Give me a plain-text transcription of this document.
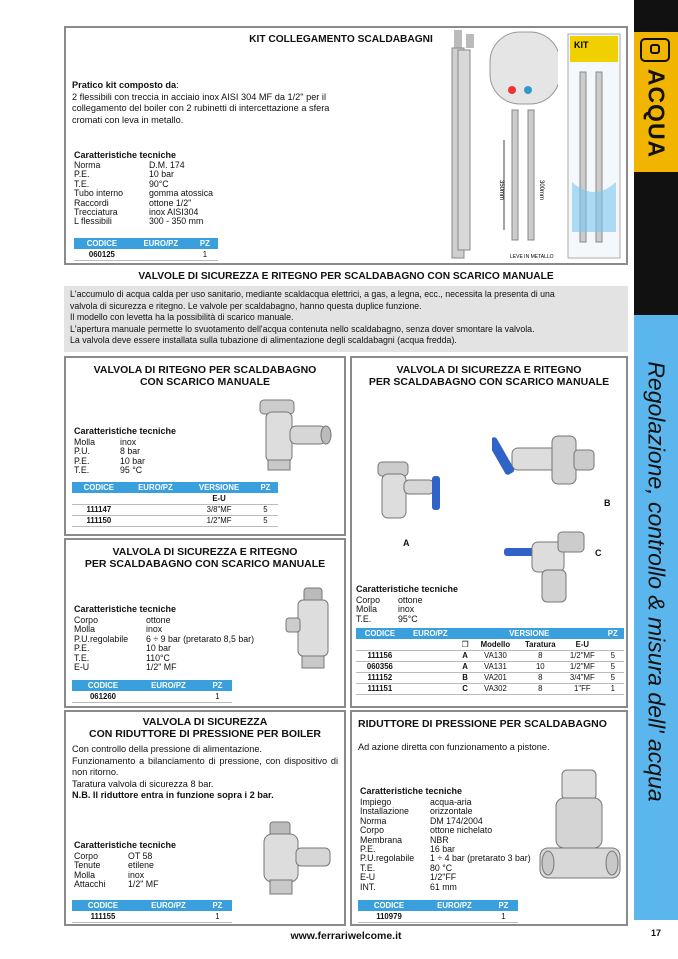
ACQUA
Regolazione, controllo & misura dell' acqua
17
KIT COLLEGAMENTO SCALDABAGNI
Pratico kit composto da:
2 flessibili con treccia in acciaio inox AISI 304 MF da 1/2" per il collegamento del boiler con 2 rubinetti di intercettazione a sfera cromati con leva in metallo.
Caratteristiche tecniche
Norma	D.M. 174
P.E.	10 bar
T.E.	90°C
Tubo interno	gomma atossica
Raccordi	ottone 1/2"
Trecciatura	inox AISI304
L flessibili	300 - 350 mm
CODICE	EURO/PZ	PZ
060125		1
350mm	300mm
LEVE IN METALLO
KIT
VALVOLE DI SICUREZZA E RITEGNO PER SCALDABAGNO CON SCARICO MANUALE
L'accumulo di acqua calda per uso sanitario, mediante scaldacqua elettrici, a gas, a legna, ecc., necessita la presenta di una
valvola di sicurezza e ritegno. Le valvole per scaldabagno, hanno questa duplice funzione.
Il modello con levetta ha la possibilità di scarico manuale.
L'apertura manuale permette lo svuotamento dell'acqua contenuta nello scaldabagno, senza dover smontare la valvola.
La valvola deve essere installata sulla tubazione di alimentazione degli scaldabagni (acqua fredda).
VALVOLA DI RITEGNO PER SCALDABAGNO
CON SCARICO MANUALE
Caratteristiche tecniche
Molla	inox
P.U.	8 bar
P.E.	10 bar
T.E.	95 °C
CODICE	EURO/PZ	VERSIONE	PZ
		E-U	
111147		3/8"MF	5
111150		1/2"MF	5
VALVOLA DI SICUREZZA E RITEGNO
PER SCALDABAGNO CON SCARICO MANUALE
Caratteristiche tecniche
Corpo	ottone
Molla	inox
P.U.regolabile	6 ÷ 9 bar (pretarato 8,5 bar)
P.E.	10 bar
T.E.	110°C
E-U	1/2" MF
CODICE	EURO/PZ	PZ
061260		1
VALVOLA DI SICUREZZA E RITEGNO
PER SCALDABAGNO CON SCARICO MANUALE
A
B
C
Caratteristiche tecniche
Corpo	ottone
Molla	inox
T.E.	95°C
CODICE	EURO/PZ	VERSIONE				PZ
		❐	Modello	Taratura	E-U	
111156		A	VA130	8	1/2"MF	5
060356		A	VA131	10	1/2"MF	5
111152		B	VA201	8	3/4"MF	5
111151		C	VA302	8	1"FF	1
VALVOLA DI SICUREZZA
CON RIDUTTORE DI PRESSIONE PER BOILER
Con controllo della pressione di alimentazione.
Funzionamento a bilanciamento di pressione, con dispositivo di non ritorno.
Taratura valvola di sicurezza 8 bar.
N.B. Il riduttore entra in funzione sopra i 2 bar.
Caratteristiche tecniche
Corpo	OT 58
Tenute	etilene
Molla	inox
Attacchi	1/2" MF
CODICE	EURO/PZ	PZ
111155		1
RIDUTTORE DI PRESSIONE PER SCALDABAGNO
Ad azione diretta con funzionamento a pistone.
Caratteristiche tecniche
Impiego	acqua-aria
Installazione	orizzontale
Norma	DM 174/2004
Corpo	ottone nichelato
Membrana	NBR
P.E.	16 bar
P.U.regolabile	1 ÷ 4 bar (pretarato 3 bar)
T.E.	80 °C
E-U	1/2"FF
INT.	61 mm
CODICE	EURO/PZ	PZ
110979		1
www.ferrariwelcome.it
